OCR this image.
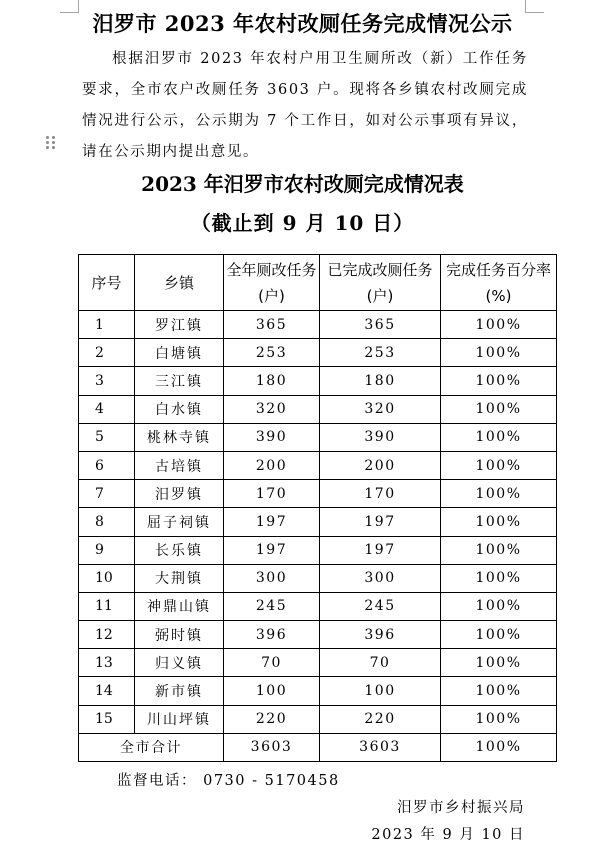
汨罗市 2023 年农村改厕任务完成情况公示
根据汨罗市 2023 年农村户用卫生厕所改（新）工作任务要求，全市农户改厕任务 3603 户。现将各乡镇农村改厕完成情况进行公示，公示期为 7 个工作日，如对公示事项有异议，请在公示期内提出意见。
2023 年汨罗市农村改厕完成情况表
（截止到 9 月 10 日）
序号	乡镇	全年厕改任务(户)	已完成改厕任务(户)	完成任务百分率(%)
1	罗江镇	365	365	100%
2	白塘镇	253	253	100%
3	三江镇	180	180	100%
4	白水镇	320	320	100%
5	桃林寺镇	390	390	100%
6	古培镇	200	200	100%
7	汨罗镇	170	170	100%
8	屈子祠镇	197	197	100%
9	长乐镇	197	197	100%
10	大荆镇	300	300	100%
11	神鼎山镇	245	245	100%
12	弼时镇	396	396	100%
13	归义镇	70	70	100%
14	新市镇	100	100	100%
15	川山坪镇	220	220	100%
全市合计		3603	3603	100%
监督电话： 0730 - 5170458
汨罗市乡村振兴局
2023 年 9 月 10 日
